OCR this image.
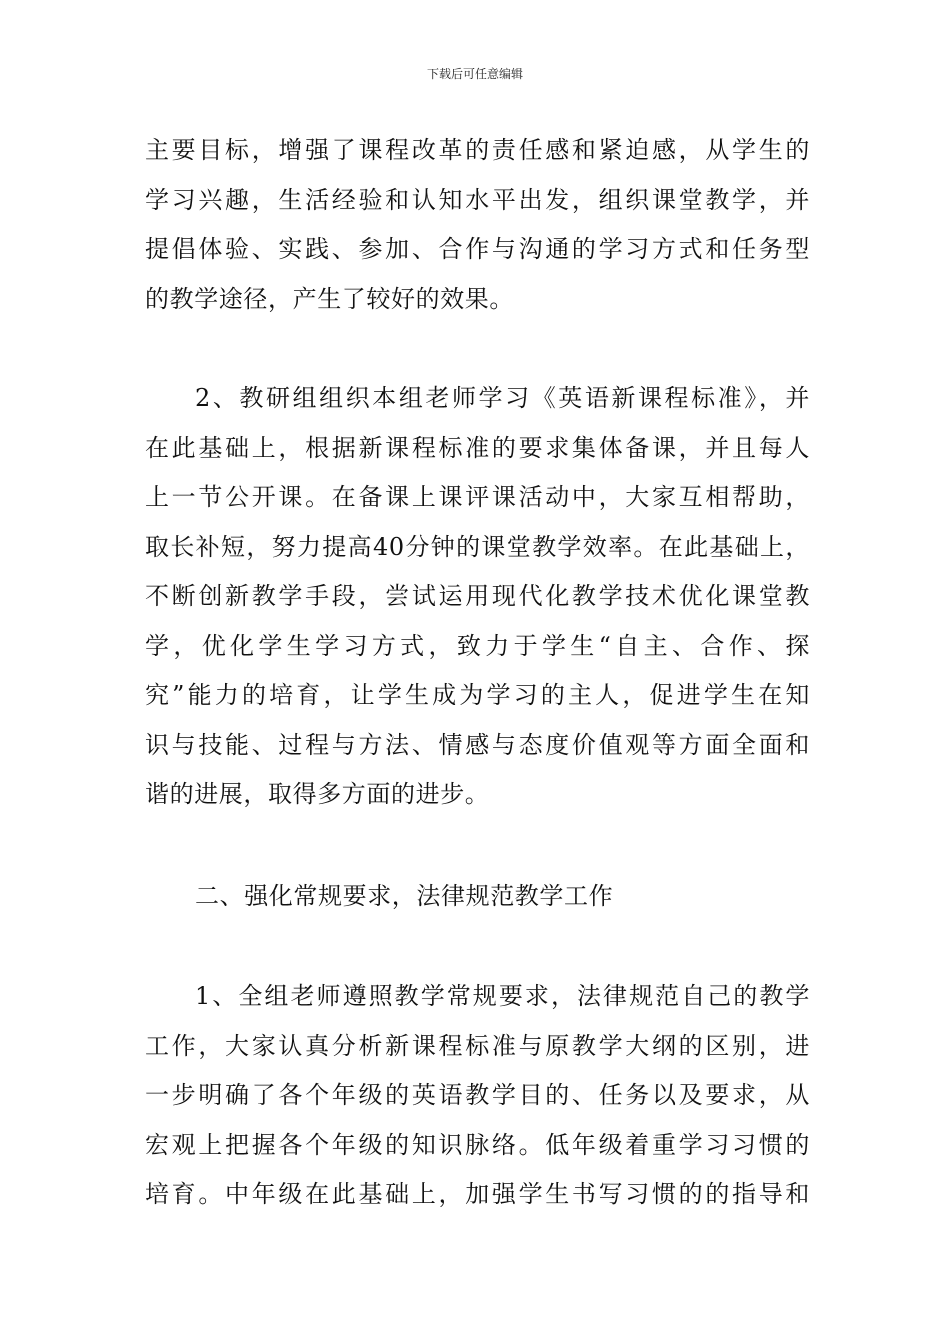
下载后可任意编辑
主要目标，增强了课程改革的责任感和紧迫感，从学生的
学习兴趣，生活经验和认知水平出发，组织课堂教学，并
提倡体验、实践、参加、合作与沟通的学习方式和任务型
的教学途径，产生了较好的效果。
2、教研组组织本组老师学习《英语新课程标准》，并
在此基础上，根据新课程标准的要求集体备课，并且每人
上一节公开课。在备课上课评课活动中，大家互相帮助，
取长补短，努力提高40分钟的课堂教学效率。在此基础上，
不断创新教学手段，尝试运用现代化教学技术优化课堂教
学，优化学生学习方式，致力于学生“自主、合作、探
究”能力的培育，让学生成为学习的主人，促进学生在知
识与技能、过程与方法、情感与态度价值观等方面全面和
谐的进展，取得多方面的进步。
二、强化常规要求，法律规范教学工作
1、全组老师遵照教学常规要求，法律规范自己的教学
工作，大家认真分析新课程标准与原教学大纲的区别，进
一步明确了各个年级的英语教学目的、任务以及要求，从
宏观上把握各个年级的知识脉络。低年级着重学习习惯的
培育。中年级在此基础上，加强学生书写习惯的的指导和
